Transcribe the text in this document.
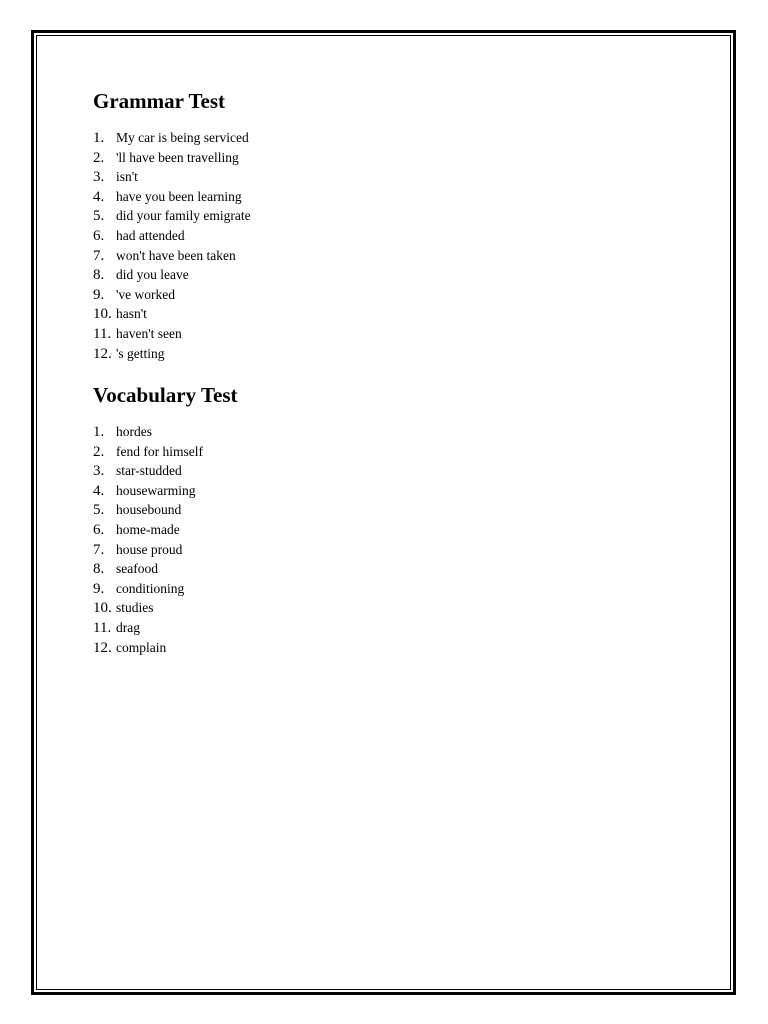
Grammar Test
1. My car is being serviced
2. 'll have been travelling
3. isn't
4. have you been learning
5. did your family emigrate
6. had attended
7. won't have been taken
8. did you leave
9. 've worked
10. hasn't
11. haven't seen
12. 's getting
Vocabulary Test
1. hordes
2. fend for himself
3. star-studded
4. housewarming
5. housebound
6. home-made
7. house proud
8. seafood
9. conditioning
10. studies
11. drag
12. complain
